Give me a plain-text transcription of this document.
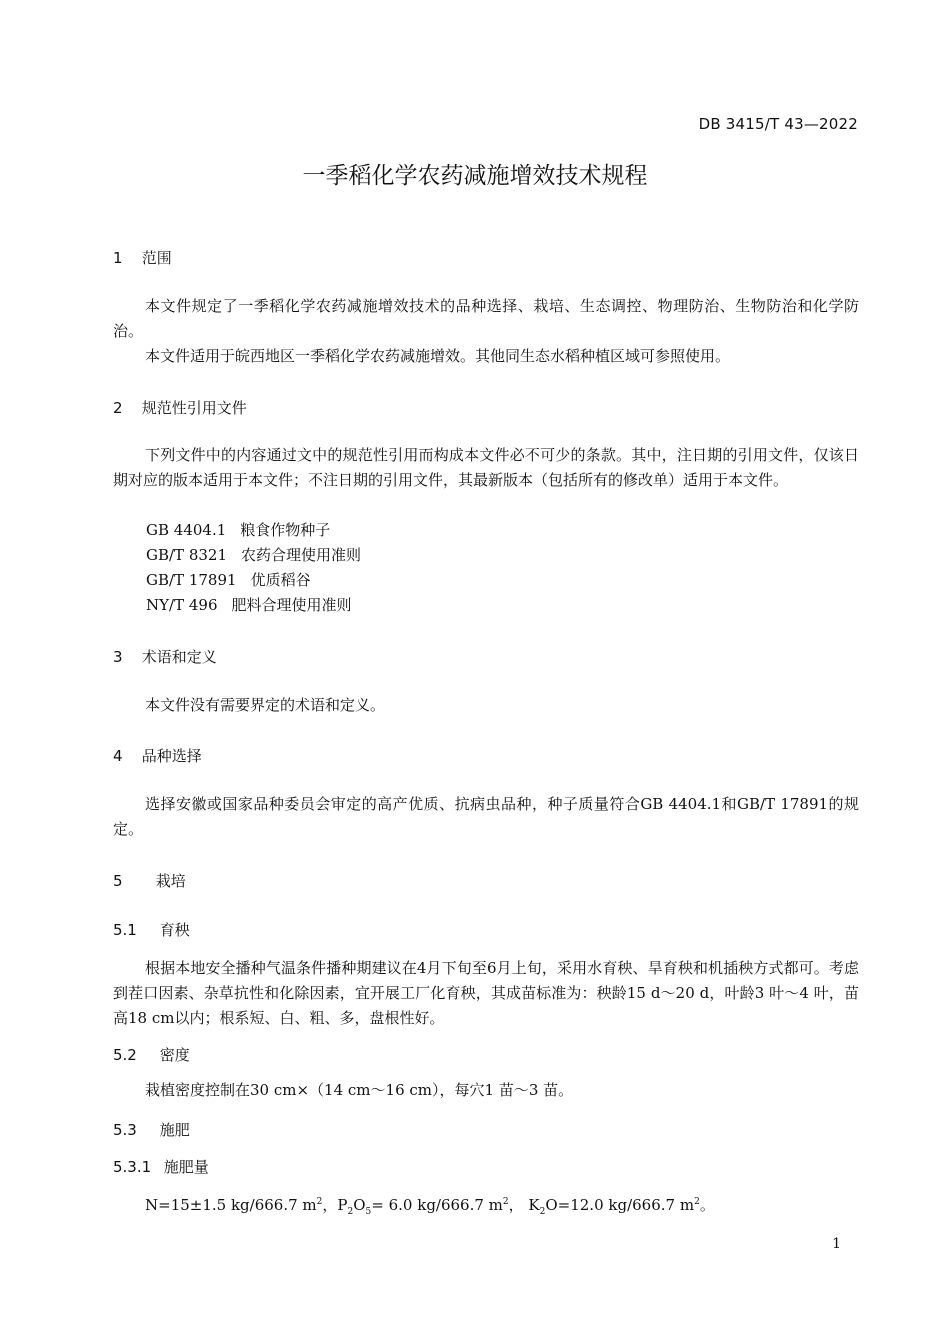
DB 3415/T 43—2022
一季稻化学农药减施增效技术规程
1 范围
本文件规定了一季稻化学农药减施增效技术的品种选择、栽培、生态调控、物理防治、生物防治和化学防治。
本文件适用于皖西地区一季稻化学农药减施增效。其他同生态水稻种植区域可参照使用。
2 规范性引用文件
下列文件中的内容通过文中的规范性引用而构成本文件必不可少的条款。其中，注日期的引用文件，仅该日期对应的版本适用于本文件；不注日期的引用文件，其最新版本（包括所有的修改单）适用于本文件。
GB 4404.1 粮食作物种子
GB/T 8321 农药合理使用准则
GB/T 17891 优质稻谷
NY/T 496 肥料合理使用准则
3 术语和定义
本文件没有需要界定的术语和定义。
4 品种选择
选择安徽或国家品种委员会审定的高产优质、抗病虫品种，种子质量符合GB 4404.1和GB/T 17891的规定。
5 栽培
5.1 育秧
根据本地安全播种气温条件播种期建议在4月下旬至6月上旬，采用水育秧、旱育秧和机插秧方式都可。考虑到茬口因素、杂草抗性和化除因素，宜开展工厂化育秧，其成苗标准为：秧龄15 d～20 d，叶龄3 叶～4 叶，苗高18 cm以内；根系短、白、粗、多，盘根性好。
5.2 密度
栽植密度控制在30 cm×（14 cm～16 cm），每穴1 苗～3 苗。
5.3 施肥
5.3.1 施肥量
N=15±1.5 kg/666.7 $m^2$，$P_2O_5= 6.0$ kg/666.7 $m^2$， $K_2O=12.0$ kg/666.7 $m^2$。
1
